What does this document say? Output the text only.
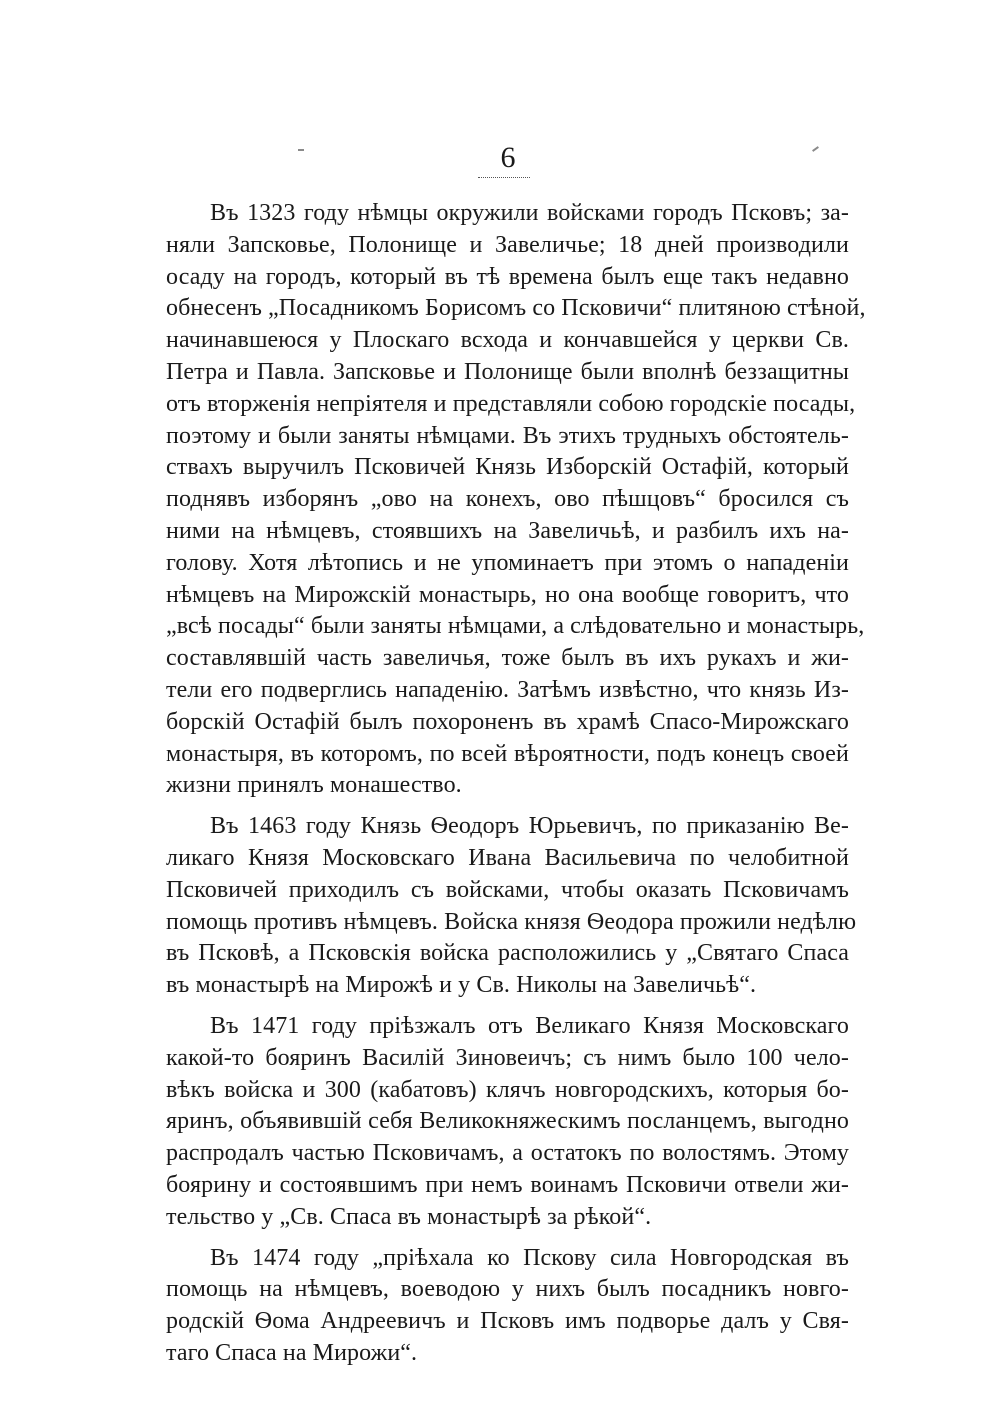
6
Въ 1323 году нѣмцы окружили войсками городъ Псковъ; за-
няли Запсковье, Полонище и Завеличье; 18 дней производили
осаду на городъ, который въ тѣ времена былъ еще такъ недавно
обнесенъ „Посадникомъ Борисомъ со Псковичи“ плитяною стѣной,
начинавшеюся у Плоскаго всхода и кончавшейся у церкви Св.
Петра и Павла. Запсковье и Полонище были вполнѣ беззащитны
отъ вторженія непріятеля и представляли собою городскіе посады,
поэтому и были заняты нѣмцами. Въ этихъ трудныхъ обстоятель-
ствахъ выручилъ Псковичей Князь Изборскій Остафій, который
поднявъ изборянъ „ово на конехъ, ово пѣшцовъ“ бросился съ
ними на нѣмцевъ, стоявшихъ на Завеличьѣ, и разбилъ ихъ на-
голову. Хотя лѣтопись и не упоминаетъ при этомъ о нападеніи
нѣмцевъ на Мирожскій монастырь, но она вообще говоритъ, что
„всѣ посады“ были заняты нѣмцами, а слѣдовательно и монастырь,
составлявшій часть завеличья, тоже былъ въ ихъ рукахъ и жи-
тели его подверглись нападенію. Затѣмъ извѣстно, что князь Из-
борскій Остафій былъ похороненъ въ храмѣ Спасо-Мирожскаго
монастыря, въ которомъ, по всей вѣроятности, подъ конецъ своей
жизни принялъ монашество.
Въ 1463 году Князь Ѳеодоръ Юрьевичъ, по приказанію Ве-
ликаго Князя Московскаго Ивана Васильевича по челобитной
Псковичей приходилъ съ войсками, чтобы оказать Псковичамъ
помощь противъ нѣмцевъ. Войска князя Ѳеодора прожили недѣлю
въ Псковѣ, а Псковскія войска расположились у „Святаго Спаса
въ монастырѣ на Мирожѣ и у Св. Николы на Завеличьѣ“.
Въ 1471 году пріѣзжалъ отъ Великаго Князя Московскаго
какой-то бояринъ Василій Зиновеичъ; съ нимъ было 100 чело-
вѣкъ войска и 300 (кабатовъ) клячъ новгородскихъ, которыя бо-
яринъ, объявившій себя Великокняжескимъ посланцемъ, выгодно
распродалъ частью Псковичамъ, а остатокъ по волостямъ. Этому
боярину и состоявшимъ при немъ воинамъ Псковичи отвели жи-
тельство у „Св. Спаса въ монастырѣ за рѣкой“.
Въ 1474 году „пріѣхала ко Пскову сила Новгородская въ
помощь на нѣмцевъ, воеводою у нихъ былъ посадникъ новго-
родскій Ѳома Андреевичъ и Псковъ имъ подворье далъ у Свя-
таго Спаса на Мирожи“.
